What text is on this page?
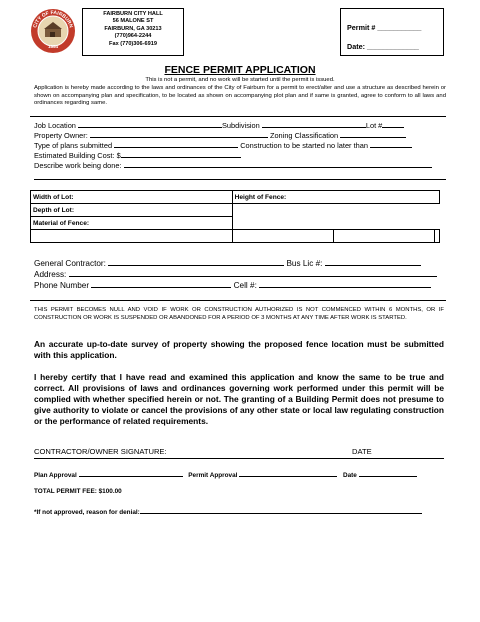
CITY OF FAIRBURN
1854
FAIRBURN CITY HALL
56 MALONE ST
FAIRBURN, GA 30213
(770)964-2244
Fax (770)306-6919
Permit # ___________
Date: _____________
FENCE PERMIT APPLICATION
This is not a permit, and no work will be started until the permit is issued.
Application is hereby made according to the laws and ordinances of the City of Fairburn for a permit to erect/alter and use a structure as described herein or shown on accompanying plan and specification, to be located as shown on accompanying plot plan and if same is granted, agree to conform to all laws and ordinances regarding same.
Job Location	Subdivision	Lot #
Property Owner:	Zoning Classification
Type of plans submitted	Construction to be started no later than
Estimated Building Cost: $
Describe work being done:
Width of Lot:	Height of Fence:		
Depth of Lot:			
Material of Fence:			

General Contractor:	Bus Lic #:
Address:
Phone Number	Cell #:
THIS PERMIT BECOMES NULL AND VOID IF WORK OR CONSTRUCTION AUTHORIZED IS NOT COMMENCED WITHIN 6 MONTHS, OR IF CONSTRUCTION OR WORK IS SUSPENDED OR ABANDONED FOR A PERIOD OF 3 MONTHS AT ANY TIME AFTER WORK IS STARTED.
An accurate up-to-date survey of property showing the proposed fence location must be submitted with this application.
I hereby certify that I have read and examined this application and know the same to be true and correct. All provisions of laws and ordinances governing work performed under this permit will be complied with whether specified herein or not. The granting of a Building Permit does not presume to give authority to violate or cancel the provisions of any other state or local law regulating construction or the performance of related requirements.
CONTRACTOR/OWNER SIGNATURE:	DATE
Plan Approval	Permit Approval	Date
TOTAL PERMIT FEE: $100.00
*If not approved, reason for denial:
